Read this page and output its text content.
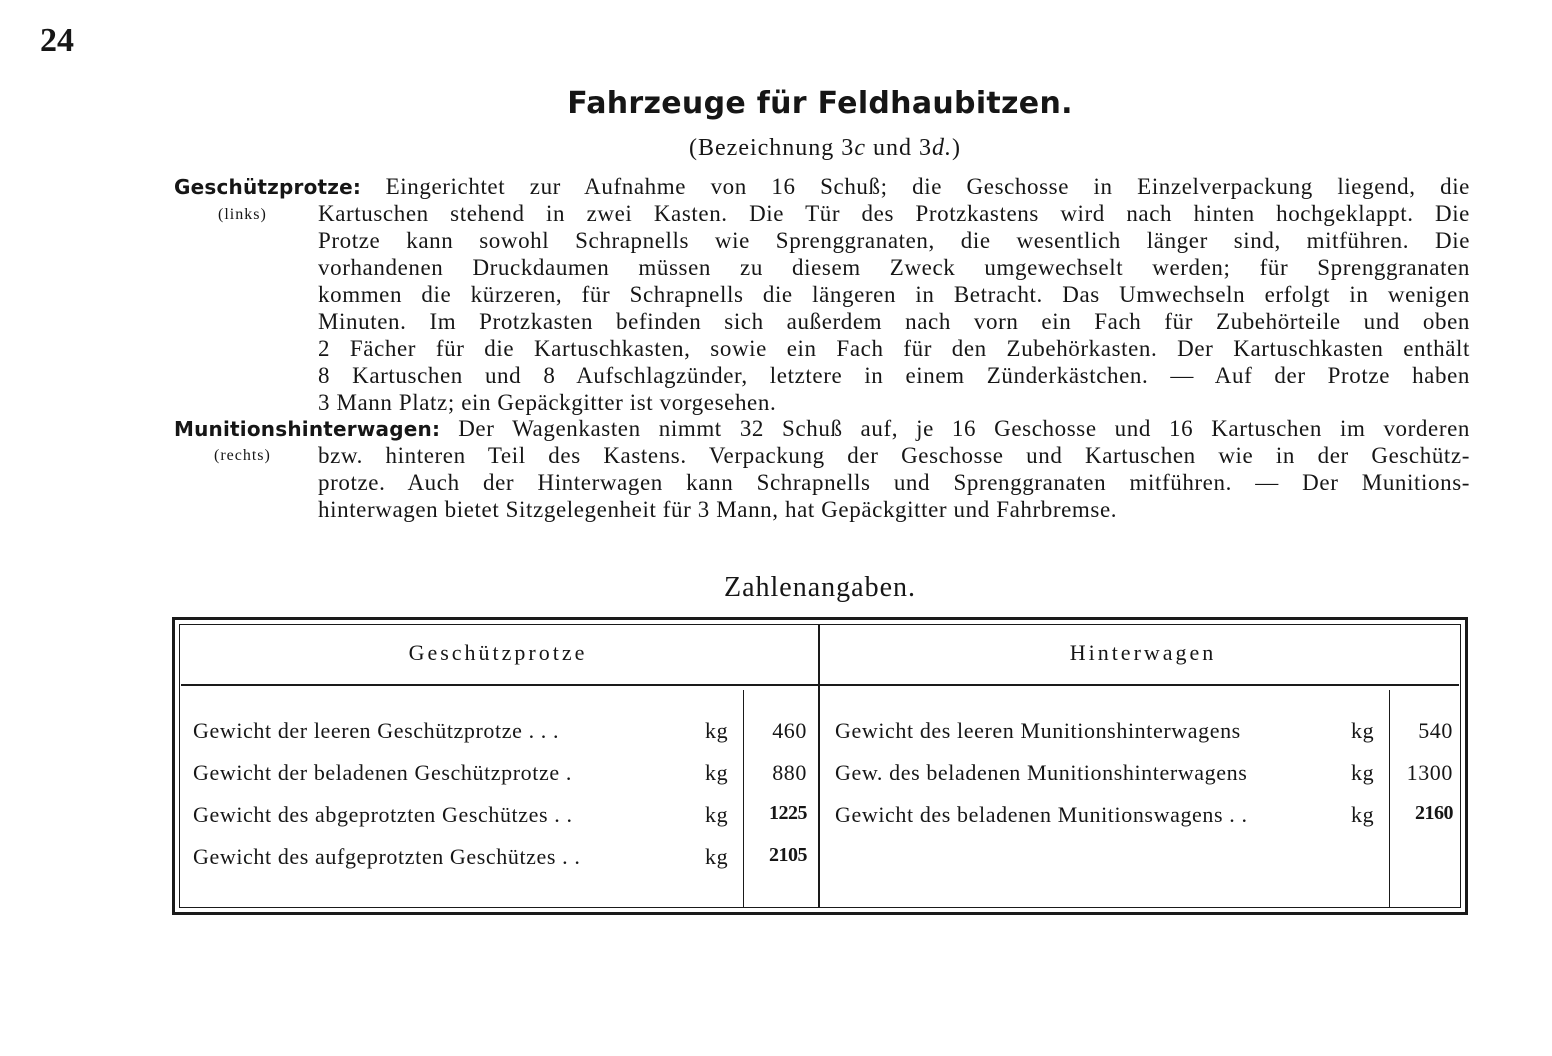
24
Fahrzeuge für Feldhaubitzen.
(Bezeichnung 3c und 3d.)
Geschützprotze: Eingerichtet zur Aufnahme von 16 Schuß; die Geschosse in Einzelverpackung liegend, die
(links) Kartuschen stehend in zwei Kasten. Die Tür des Protzkastens wird nach hinten hochgeklappt. Die
Protze kann sowohl Schrapnells wie Sprenggranaten, die wesentlich länger sind, mitführen. Die
vorhandenen Druckdaumen müssen zu diesem Zweck umgewechselt werden; für Sprenggranaten
kommen die kürzeren, für Schrapnells die längeren in Betracht. Das Umwechseln erfolgt in wenigen
Minuten. Im Protzkasten befinden sich außerdem nach vorn ein Fach für Zubehörteile und oben
2 Fächer für die Kartuschkasten, sowie ein Fach für den Zubehörkasten. Der Kartuschkasten enthält
8 Kartuschen und 8 Aufschlagzünder, letztere in einem Zünderkästchen. — Auf der Protze haben
3 Mann Platz; ein Gepäckgitter ist vorgesehen.
Munitionshinterwagen: Der Wagenkasten nimmt 32 Schuß auf, je 16 Geschosse und 16 Kartuschen im vorderen
(rechts) bzw. hinteren Teil des Kastens. Verpackung der Geschosse und Kartuschen wie in der Geschütz-
protze. Auch der Hinterwagen kann Schrapnells und Sprenggranaten mitführen. — Der Munitions-
hinterwagen bietet Sitzgelegenheit für 3 Mann, hat Gepäckgitter und Fahrbremse.
Zahlenangaben.
Geschützprotze	Hinterwagen
Gewicht der leeren Geschützprotze . . .	kg	460
Gewicht der beladenen Geschützprotze .	kg	880
Gewicht des abgeprotzten Geschützes . .	kg	1225
Gewicht des aufgeprotzten Geschützes . .	kg	2105
Gewicht des leeren Munitionshinterwagens	kg	540
Gew. des beladenen Munitionshinterwagens	kg	1300
Gewicht des beladenen Munitionswagens . .	kg	2160
